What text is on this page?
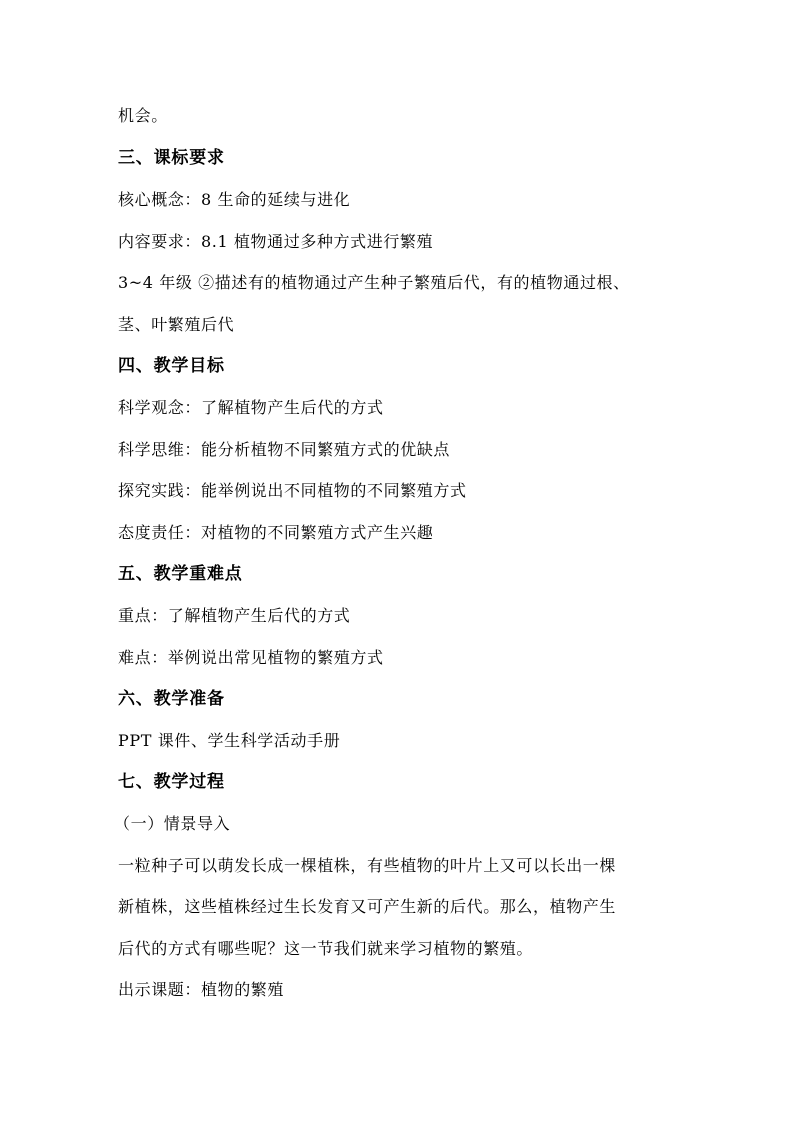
机会。
三、课标要求
核心概念：8 生命的延续与进化
内容要求：8.1 植物通过多种方式进行繁殖
3~4 年级 ②描述有的植物通过产生种子繁殖后代，有的植物通过根、
茎、叶繁殖后代
四、教学目标
科学观念：了解植物产生后代的方式
科学思维：能分析植物不同繁殖方式的优缺点
探究实践：能举例说出不同植物的不同繁殖方式
态度责任：对植物的不同繁殖方式产生兴趣
五、教学重难点
重点：了解植物产生后代的方式
难点：举例说出常见植物的繁殖方式
六、教学准备
PPT 课件、学生科学活动手册
七、教学过程
（一）情景导入
一粒种子可以萌发长成一棵植株，有些植物的叶片上又可以长出一棵
新植株，这些植株经过生长发育又可产生新的后代。那么，植物产生
后代的方式有哪些呢？这一节我们就来学习植物的繁殖。
出示课题：植物的繁殖
